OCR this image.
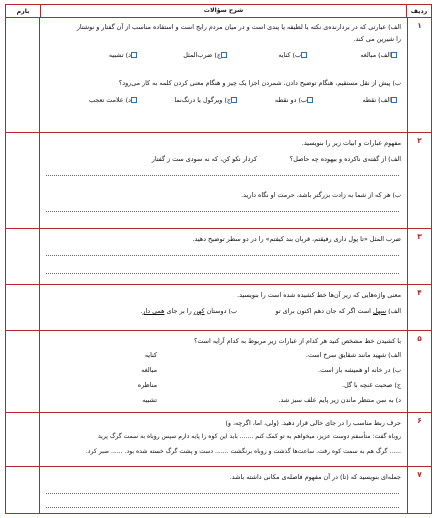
ردیف
شرح سؤالات
بارم
۱
الف) عبارتی که در بردارنده‌ی نکته یا لطیفه یا پندی است و در میان مردم رایج است و استفاده مناسب از آن گفتار و نوشتار
را شیرین می کند.
الف) مبالغه
ب) کنایه
ج) ضرب‌المثل
د) تشبیه
ب) پیش از نقل مستقیم، هنگام توضیح دادن، شمردن اجزا یک چیز و هنگام معنی کردن کلمه به کار می‌رود؟
الف) نقطه
ب) دو نقطه
ج) ویرگول یا درنگ‌نما
د) علامت تعجب
۲
مفهوم عبارات و ابیات زیر را بنویسید.
الف) از گفته‌ی ناکرده و بیهوده چه حاصل؟
کردار نکو کن، که نه سودی ست ز گفتار
ب) هر که از شما به زادت بزرگتر باشد، حرمت او نگاه دارید.
۳
ضرب المثل «تا پول داری رفیقتم، قربان بند کیفتم» را در دو سطر توضیح دهید.
۴
معنی واژه‌هایی که زیر آن‌ها خط کشیده شده است را بنویسید.
الف) سهل است اگر که جان دهم اکنون برای تو
ب) دوستان کهن را بر جای همی دار.
۵
با کشیدن خط مشخص کنید هر کدام از عبارات زیر مربوط به کدام آرایه است؟
الف) شهید مانند شقایق سرخ است.
ب) در خانه او همیشه باز است.
ج) صحبت غنچه با گل.
د) به سن منتظر ماندن زیر پایم علف سبز شد.
کنایه
مبالغه
مناظره
تشبیه
۶
حرف ربط مناسب را در جای خالی قرار دهید. (ولی، اما، اگرچه، و)
روباه گفت: متأسفم دوست عزیز، میخواهم به تو کمک کنم ....... باید این کوه را پایه دارم سپس روباه به سمت گرگ پرید
...... گرگ هم به سمت کوه رفت. ساعت‌ها گذشت و روباه برنگشت ....... دست و پشت گرگ خسته شده بود. ...... صبر کرد.
۷
جمله‌ای بنویسید که (تا) در آن مفهوم فاصله‌ی مکانی داشته باشد.
